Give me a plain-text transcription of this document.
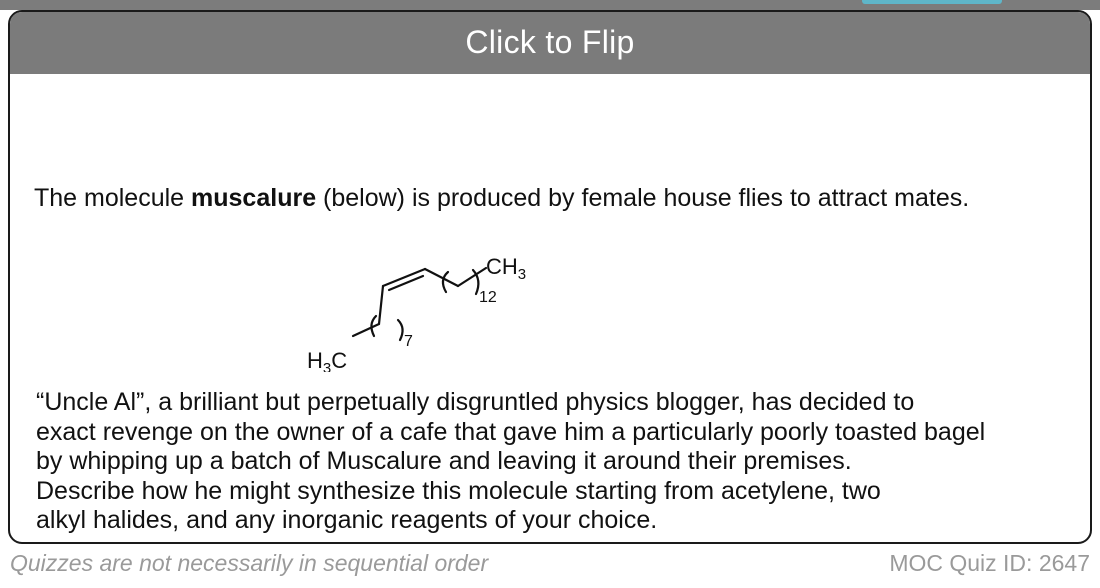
Click to Flip
The molecule muscalure (below) is produced by female house flies to attract mates.
$H_3C$
7
$CH_3$
12
“Uncle Al”, a brilliant but perpetually disgruntled physics blogger, has decided to
exact revenge on the owner of a cafe that gave him a particularly poorly toasted bagel
by whipping up a batch of Muscalure and leaving it around their premises.
Describe how he might synthesize this molecule starting from acetylene, two
alkyl halides, and any inorganic reagents of your choice.
Quizzes are not necessarily in sequential order	MOC Quiz ID: 2647
